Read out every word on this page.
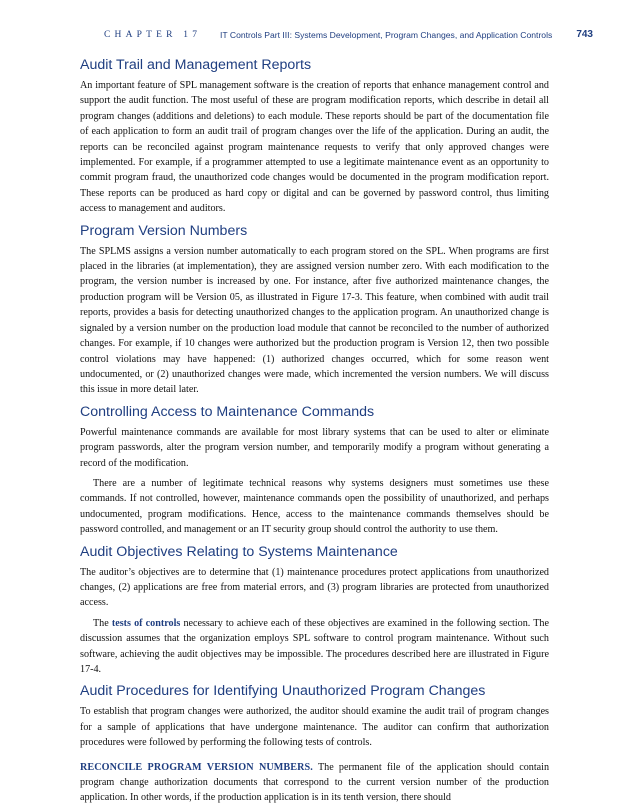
CHAPTER 17 IT Controls Part III: Systems Development, Program Changes, and Application Controls 743
Audit Trail and Management Reports

An important feature of SPL management software is the creation of reports that enhance management control and support the audit function. The most useful of these are program modification reports, which describe in detail all program changes (additions and deletions) to each module. These reports should be part of the documentation file of each application to form an audit trail of program changes over the life of the application. During an audit, the reports can be reconciled against program maintenance requests to verify that only approved changes were implemented. For example, if a programmer attempted to use a legitimate maintenance event as an opportunity to commit program fraud, the unauthorized code changes would be documented in the program modification report. These reports can be produced as hard copy or digital and can be governed by password control, thus limiting access to management and auditors.

Program Version Numbers

The SPLMS assigns a version number automatically to each program stored on the SPL. When programs are first placed in the libraries (at implementation), they are assigned version number zero. With each modification to the program, the version number is increased by one. For instance, after five authorized maintenance changes, the production program will be Version 05, as illustrated in Figure 17-3. This feature, when combined with audit trail reports, provides a basis for detecting unauthorized changes to the application program. An unauthorized change is signaled by a version number on the production load module that cannot be reconciled to the number of authorized changes. For example, if 10 changes were authorized but the production program is Version 12, then two possible control violations may have happened: (1) authorized changes occurred, which for some reason went undocumented, or (2) unauthorized changes were made, which incremented the version numbers. We will discuss this issue in more detail later.

Controlling Access to Maintenance Commands

Powerful maintenance commands are available for most library systems that can be used to alter or eliminate program passwords, alter the program version number, and temporarily modify a program without generating a record of the modification.

There are a number of legitimate technical reasons why systems designers must sometimes use these commands. If not controlled, however, maintenance commands open the possibility of unauthorized, and perhaps undocumented, program modifications. Hence, access to the maintenance commands themselves should be password controlled, and management or an IT security group should control the authority to use them.

Audit Objectives Relating to Systems Maintenance

The auditor’s objectives are to determine that (1) maintenance procedures protect applications from unauthorized changes, (2) applications are free from material errors, and (3) program libraries are protected from unauthorized access.

The tests of controls necessary to achieve each of these objectives are examined in the following section. The discussion assumes that the organization employs SPL software to control program maintenance. Without such software, achieving the audit objectives may be impossible. The procedures described here are illustrated in Figure 17-4.

Audit Procedures for Identifying Unauthorized Program Changes

To establish that program changes were authorized, the auditor should examine the audit trail of program changes for a sample of applications that have undergone maintenance. The auditor can confirm that authorization procedures were followed by performing the following tests of controls.

RECONCILE PROGRAM VERSION NUMBERS. The permanent file of the application should contain program change authorization documents that correspond to the current version number of the production application. In other words, if the production application is in its tenth version, there should
